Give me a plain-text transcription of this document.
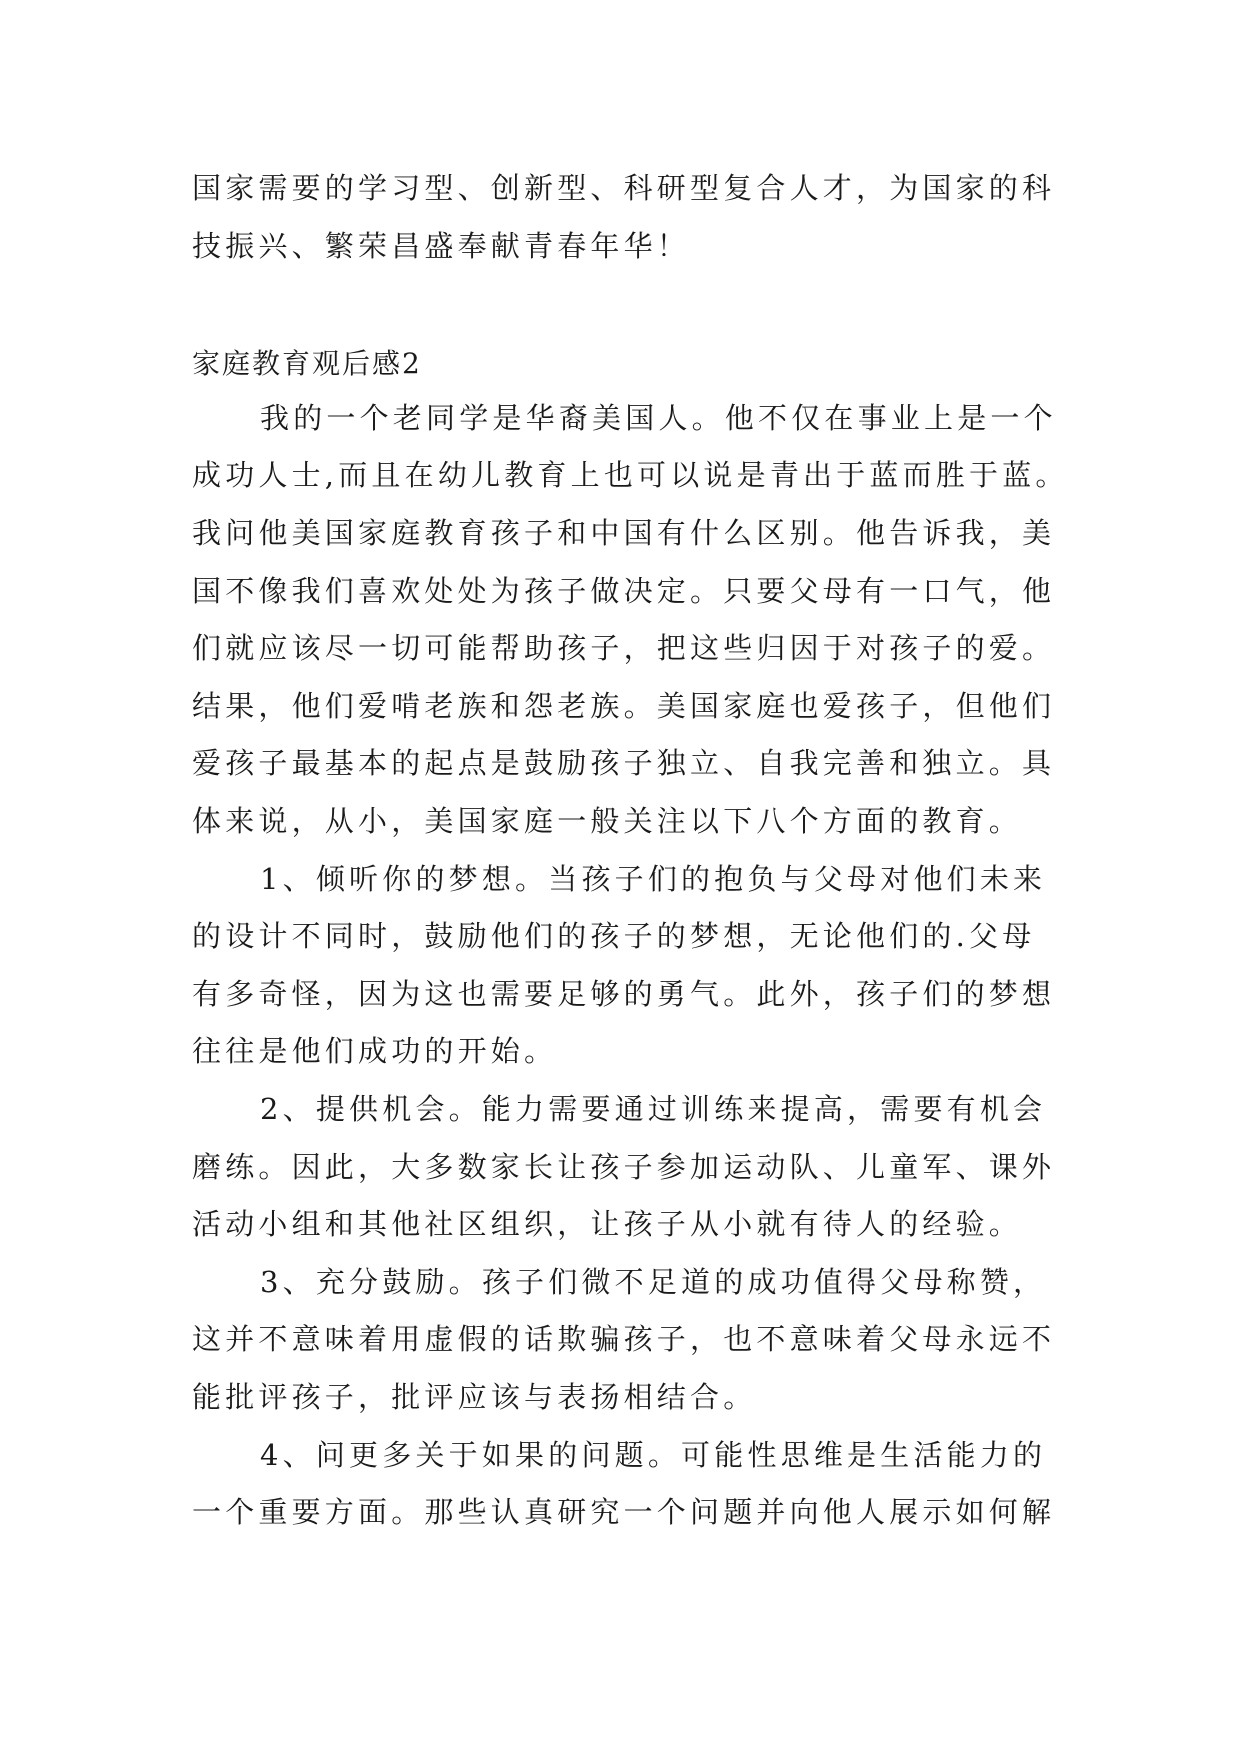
国家需要的学习型、创新型、科研型复合人才，为国家的科
技振兴、繁荣昌盛奉献青春年华！
家庭教育观后感2
我的一个老同学是华裔美国人。他不仅在事业上是一个
成功人士,而且在幼儿教育上也可以说是青出于蓝而胜于蓝。
我问他美国家庭教育孩子和中国有什么区别。他告诉我，美
国不像我们喜欢处处为孩子做决定。只要父母有一口气，他
们就应该尽一切可能帮助孩子，把这些归因于对孩子的爱。
结果，他们爱啃老族和怨老族。美国家庭也爱孩子，但他们
爱孩子最基本的起点是鼓励孩子独立、自我完善和独立。具
体来说，从小，美国家庭一般关注以下八个方面的教育。
1、倾听你的梦想。当孩子们的抱负与父母对他们未来
的设计不同时，鼓励他们的孩子的梦想，无论他们的.父母
有多奇怪，因为这也需要足够的勇气。此外，孩子们的梦想
往往是他们成功的开始。
2、提供机会。能力需要通过训练来提高，需要有机会
磨练。因此，大多数家长让孩子参加运动队、儿童军、课外
活动小组和其他社区组织，让孩子从小就有待人的经验。
3、充分鼓励。孩子们微不足道的成功值得父母称赞，
这并不意味着用虚假的话欺骗孩子，也不意味着父母永远不
能批评孩子，批评应该与表扬相结合。
4、问更多关于如果的问题。可能性思维是生活能力的
一个重要方面。那些认真研究一个问题并向他人展示如何解
